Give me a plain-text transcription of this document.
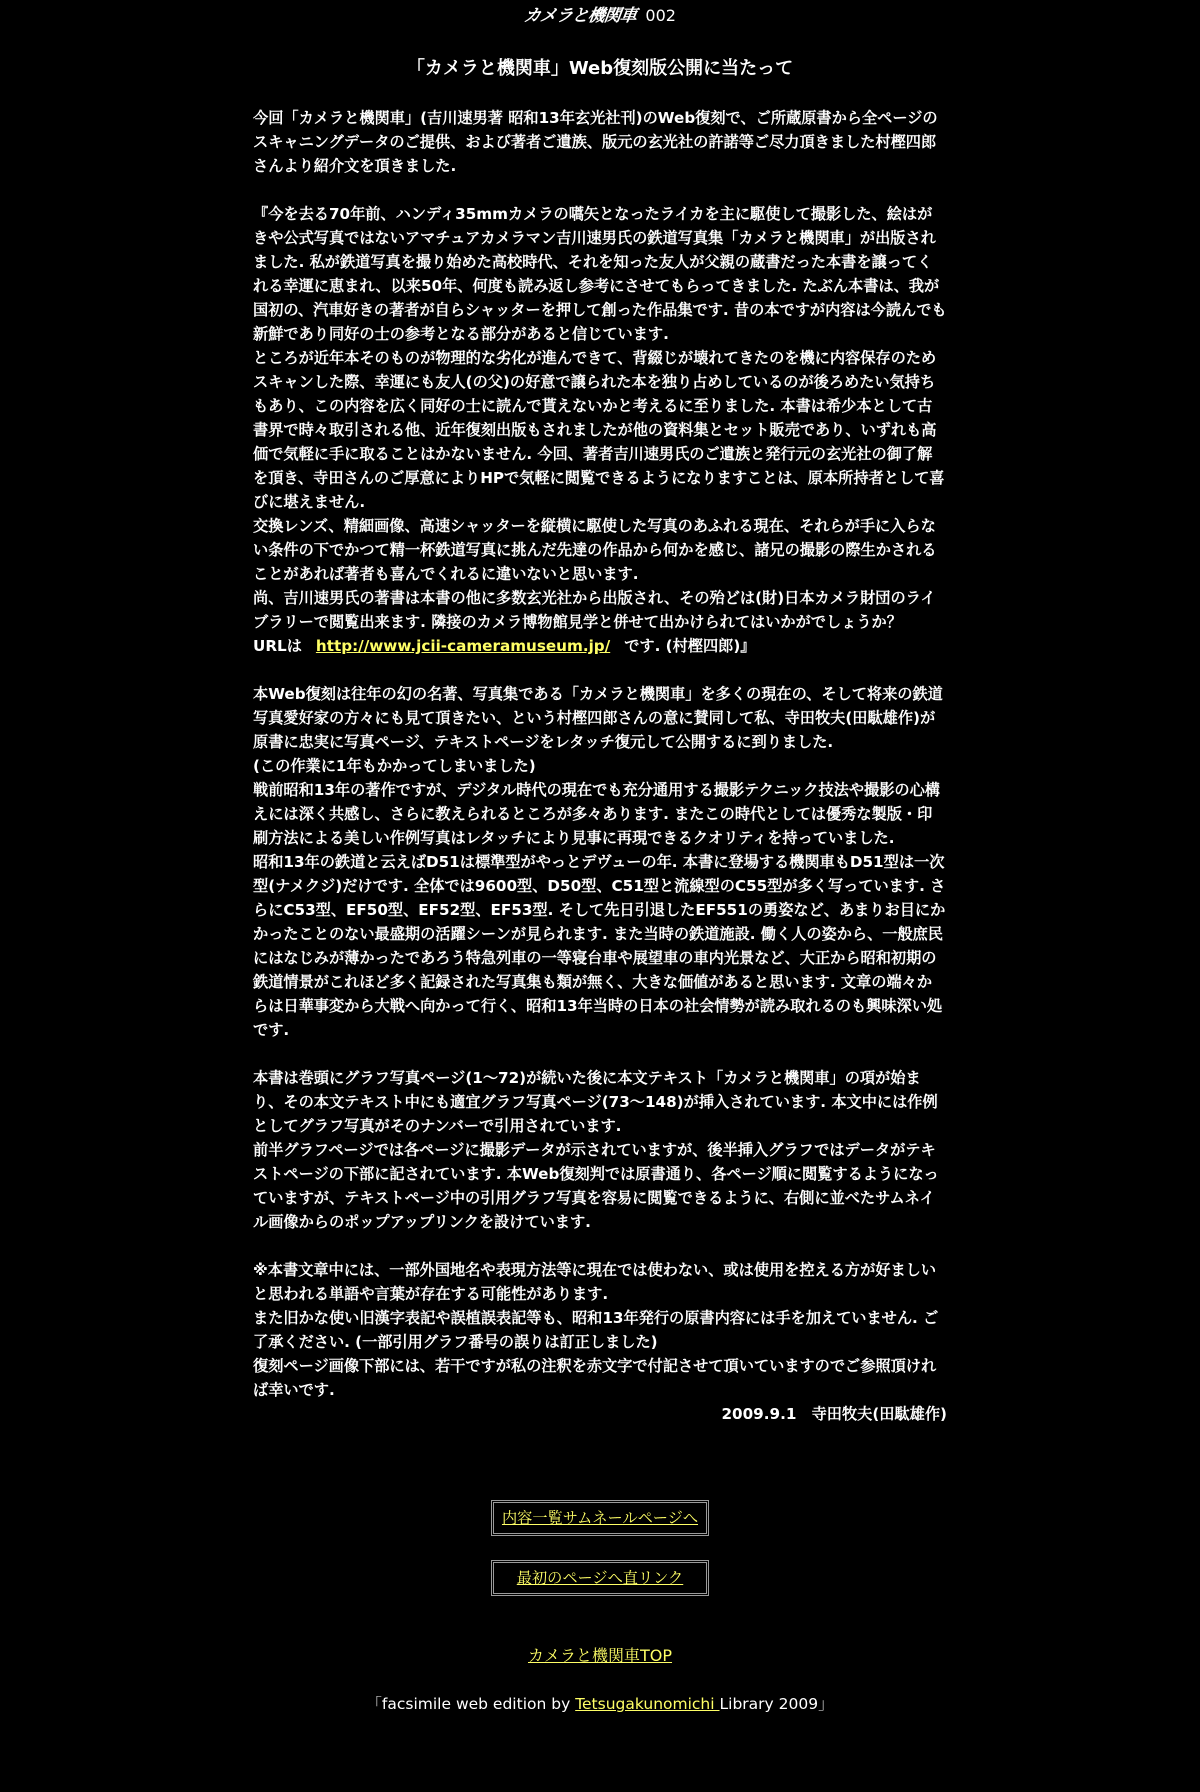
カメラと機関車 002
「カメラと機関車」Web復刻版公開に当たって

今回「カメラと機関車」(吉川速男著 昭和13年玄光社刊)のWeb復刻で、ご所蔵原書から全ページのスキャニングデータのご提供、および著者ご遺族、版元の玄光社の許諾等ご尽力頂きました村樫四郎さんより紹介文を頂きました.

『今を去る70年前、ハンディ35mmカメラの嚆矢となったライカを主に駆使して撮影した、絵はがきや公式写真ではないアマチュアカメラマン吉川速男氏の鉄道写真集「カメラと機関車」が出版されました. 私が鉄道写真を撮り始めた高校時代、それを知った友人が父親の蔵書だった本書を譲ってくれる幸運に恵まれ、以来50年、何度も読み返し参考にさせてもらってきました. たぶん本書は、我が国初の、汽車好きの著者が自らシャッターを押して創った作品集です. 昔の本ですが内容は今読んでも新鮮であり同好の士の参考となる部分があると信じています.

ところが近年本そのものが物理的な劣化が進んできて、背綴じが壊れてきたのを機に内容保存のためスキャンした際、幸運にも友人(の父)の好意で譲られた本を独り占めしているのが後ろめたい気持ちもあり、この内容を広く同好の士に読んで貰えないかと考えるに至りました. 本書は希少本として古書界で時々取引される他、近年復刻出版もされましたが他の資料集とセット販売であり、いずれも高価で気軽に手に取ることはかないません. 今回、著者吉川速男氏のご遺族と発行元の玄光社の御了解を頂き、寺田さんのご厚意によりHPで気軽に閲覧できるようになりますことは、原本所持者として喜びに堪えません.

交換レンズ、精細画像、高速シャッターを縦横に駆使した写真のあふれる現在、それらが手に入らない条件の下でかつて精一杯鉄道写真に挑んだ先達の作品から何かを感じ、諸兄の撮影の際生かされることがあれば著者も喜んでくれるに違いないと思います.

尚、吉川速男氏の著書は本書の他に多数玄光社から出版され、その殆どは(財)日本カメラ財団のライブラリーで閲覧出来ます. 隣接のカメラ博物館見学と併せて出かけられてはいかがでしょうか？

URLは http://www.jcii-cameramuseum.jp/ です. (村樫四郎)』

本Web復刻は往年の幻の名著、写真集である「カメラと機関車」を多くの現在の、そして将来の鉄道写真愛好家の方々にも見て頂きたい、という村樫四郎さんの意に賛同して私、寺田牧夫(田駄雄作)が原書に忠実に写真ページ、テキストページをレタッチ復元して公開するに到りました.

(この作業に1年もかかってしまいました)

戦前昭和13年の著作ですが、デジタル時代の現在でも充分通用する撮影テクニック技法や撮影の心構えには深く共感し、さらに教えられるところが多々あります. またこの時代としては優秀な製版・印刷方法による美しい作例写真はレタッチにより見事に再現できるクオリティを持っていました.

昭和13年の鉄道と云えばD51は標準型がやっとデヴューの年. 本書に登場する機関車もD51型は一次型(ナメクジ)だけです. 全体では9600型、D50型、C51型と流線型のC55型が多く写っています. さらにC53型、EF50型、EF52型、EF53型. そして先日引退したEF551の勇姿など、あまりお目にかかったことのない最盛期の活躍シーンが見られます. また当時の鉄道施設. 働く人の姿から、一般庶民にはなじみが薄かったであろう特急列車の一等寝台車や展望車の車内光景など、大正から昭和初期の鉄道情景がこれほど多く記録された写真集も類が無く、大きな価値があると思います. 文章の端々からは日華事変から大戦へ向かって行く、昭和13年当時の日本の社会情勢が読み取れるのも興味深い処です.

本書は巻頭にグラフ写真ページ(1～72)が続いた後に本文テキスト「カメラと機関車」の項が始まり、その本文テキスト中にも適宜グラフ写真ページ(73～148)が挿入されています. 本文中には作例としてグラフ写真がそのナンバーで引用されています.

前半グラフページでは各ページに撮影データが示されていますが、後半挿入グラフではデータがテキストページの下部に記されています. 本Web復刻判では原書通り、各ページ順に閲覧するようになっていますが、テキストページ中の引用グラフ写真を容易に閲覧できるように、右側に並べたサムネイル画像からのポップアップリンクを設けています.

※本書文章中には、一部外国地名や表現方法等に現在では使わない、或は使用を控える方が好ましいと思われる単語や言葉が存在する可能性があります.

また旧かな使い旧漢字表記や誤植誤表記等も、昭和13年発行の原書内容には手を加えていません. ご了承ください. (一部引用グラフ番号の誤りは訂正しました)

復刻ページ画像下部には、若干ですが私の注釈を赤文字で付記させて頂いていますのでご参照頂ければ幸いです.

2009.9.1　寺田牧夫(田駄雄作)

内容一覧サムネールページへ
最初のページへ直リンク
カメラと機関車TOP
「facsimile web edition by Tetsugakunomichi Library 2009」
